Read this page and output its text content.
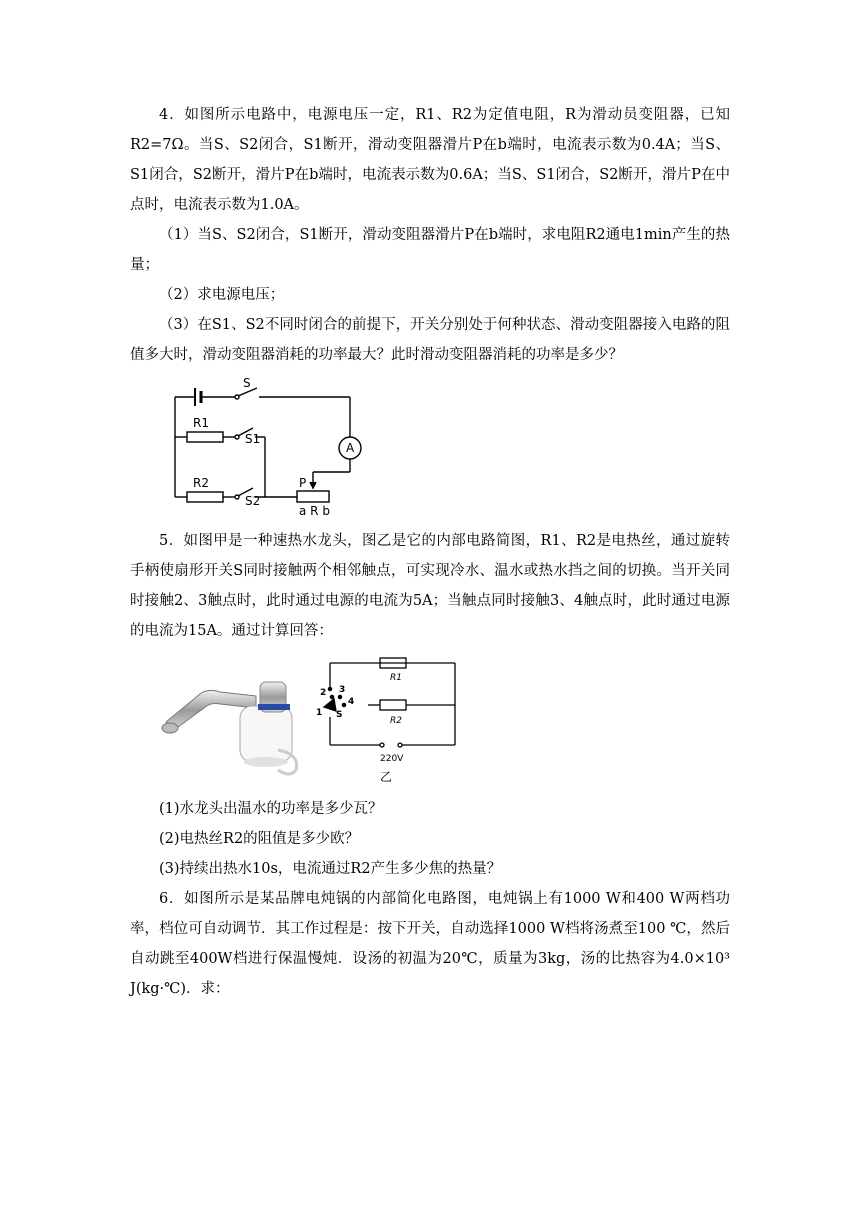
4．如图所示电路中，电源电压一定，R1、R2为定值电阻，R为滑动员变阻器，已知R2=7Ω。当S、S2闭合，S1断开，滑动变阻器滑片P在b端时，电流表示数为0.4A；当S、S1闭合，S2断开，滑片P在b端时，电流表示数为0.6A；当S、S1闭合，S2断开，滑片P在中点时，电流表示数为1.0A。

（1）当S、S2闭合，S1断开，滑动变阻器滑片P在b端时，求电阻R2通电1min产生的热量；

（2）求电源电压；

（3）在S1、S2不同时闭合的前提下，开关分别处于何种状态、滑动变阻器接入电路的阻值多大时，滑动变阻器消耗的功率最大？此时滑动变阻器消耗的功率是多少？

S
R1
S1
A
R2
S2
P
a R b

5．如图甲是一种速热水龙头，图乙是它的内部电路简图，R1、R2是电热丝，通过旋转手柄使扇形开关S同时接触两个相邻触点，可实现冷水、温水或热水挡之间的切换。当开关同时接触2、3触点时，此时通过电源的电流为5A；当触点同时接触3、4触点时，此时通过电源的电流为15A。通过计算回答：

R1
R2
2 3
4
1 S
220V
乙

(1)水龙头出温水的功率是多少瓦？

(2)电热丝R2的阻值是多少欧？

(3)持续出热水10s，电流通过R2产生多少焦的热量？

6．如图所示是某品牌电炖锅的内部简化电路图，电炖锅上有1000 W和400 W两档功率，档位可自动调节．其工作过程是：按下开关，自动选择1000 W档将汤煮至100 ℃，然后自动跳至400W档进行保温慢炖．设汤的初温为20℃，质量为3kg，汤的比热容为4.0×10³ J(kg·℃)．求：
